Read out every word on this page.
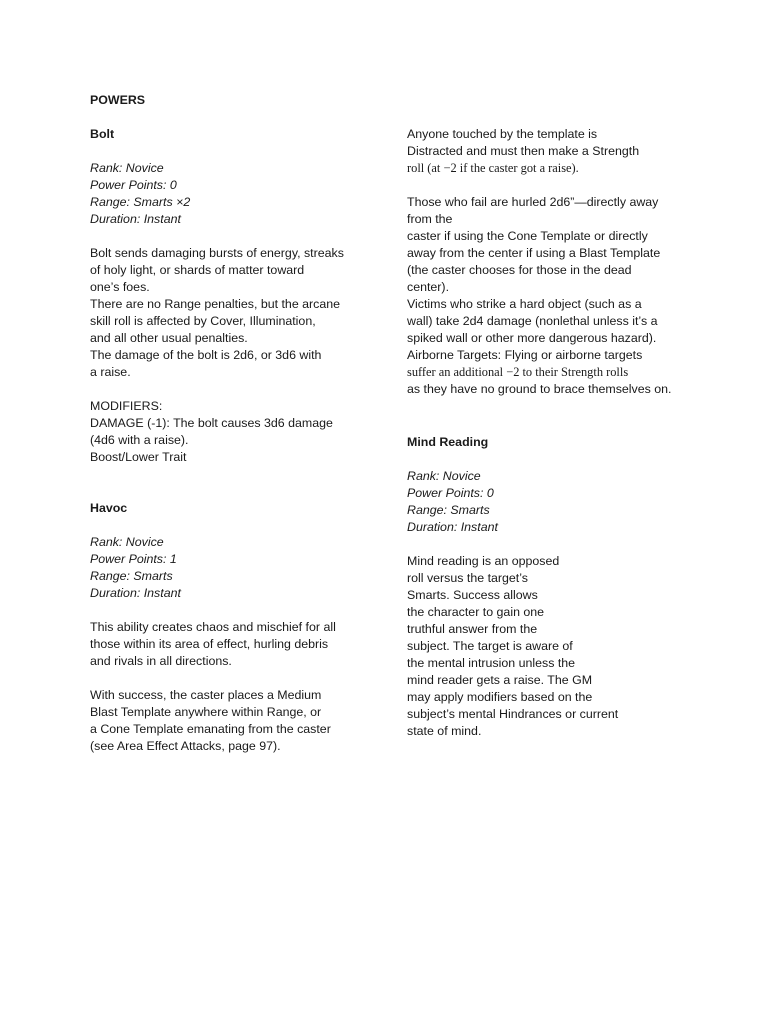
POWERS
Bolt
Rank: Novice
Power Points: 0
Range: Smarts ×2
Duration: Instant
Bolt sends damaging bursts of energy, streaks
of holy light, or shards of matter toward
one’s foes.
There are no Range penalties, but the arcane
skill roll is affected by Cover, Illumination,
and all other usual penalties.
The damage of the bolt is 2d6, or 3d6 with
a raise.
MODIFIERS:
DAMAGE (-1): The bolt causes 3d6 damage
(4d6 with a raise).
Boost/Lower Trait
Havoc
Rank: Novice
Power Points: 1
Range: Smarts
Duration: Instant
This ability creates chaos and mischief for all
those within its area of effect, hurling debris
and rivals in all directions.
With success, the caster places a Medium
Blast Template anywhere within Range, or
a Cone Template emanating from the caster
(see Area Effect Attacks, page 97).
Anyone touched by the template is
Distracted and must then make a Strength
roll (at −2 if the caster got a raise).
Those who fail are hurled 2d6”—directly away
from the
caster if using the Cone Template or directly
away from the center if using a Blast Template
(the caster chooses for those in the dead
center).
Victims who strike a hard object (such as a
wall) take 2d4 damage (nonlethal unless it’s a
spiked wall or other more dangerous hazard).
Airborne Targets: Flying or airborne targets
suffer an additional −2 to their Strength rolls
as they have no ground to brace themselves on.
Mind Reading
Rank: Novice
Power Points: 0
Range: Smarts
Duration: Instant
Mind reading is an opposed
roll versus the target’s
Smarts. Success allows
the character to gain one
truthful answer from the
subject. The target is aware of
the mental intrusion unless the
mind reader gets a raise. The GM
may apply modifiers based on the
subject’s mental Hindrances or current
state of mind.
